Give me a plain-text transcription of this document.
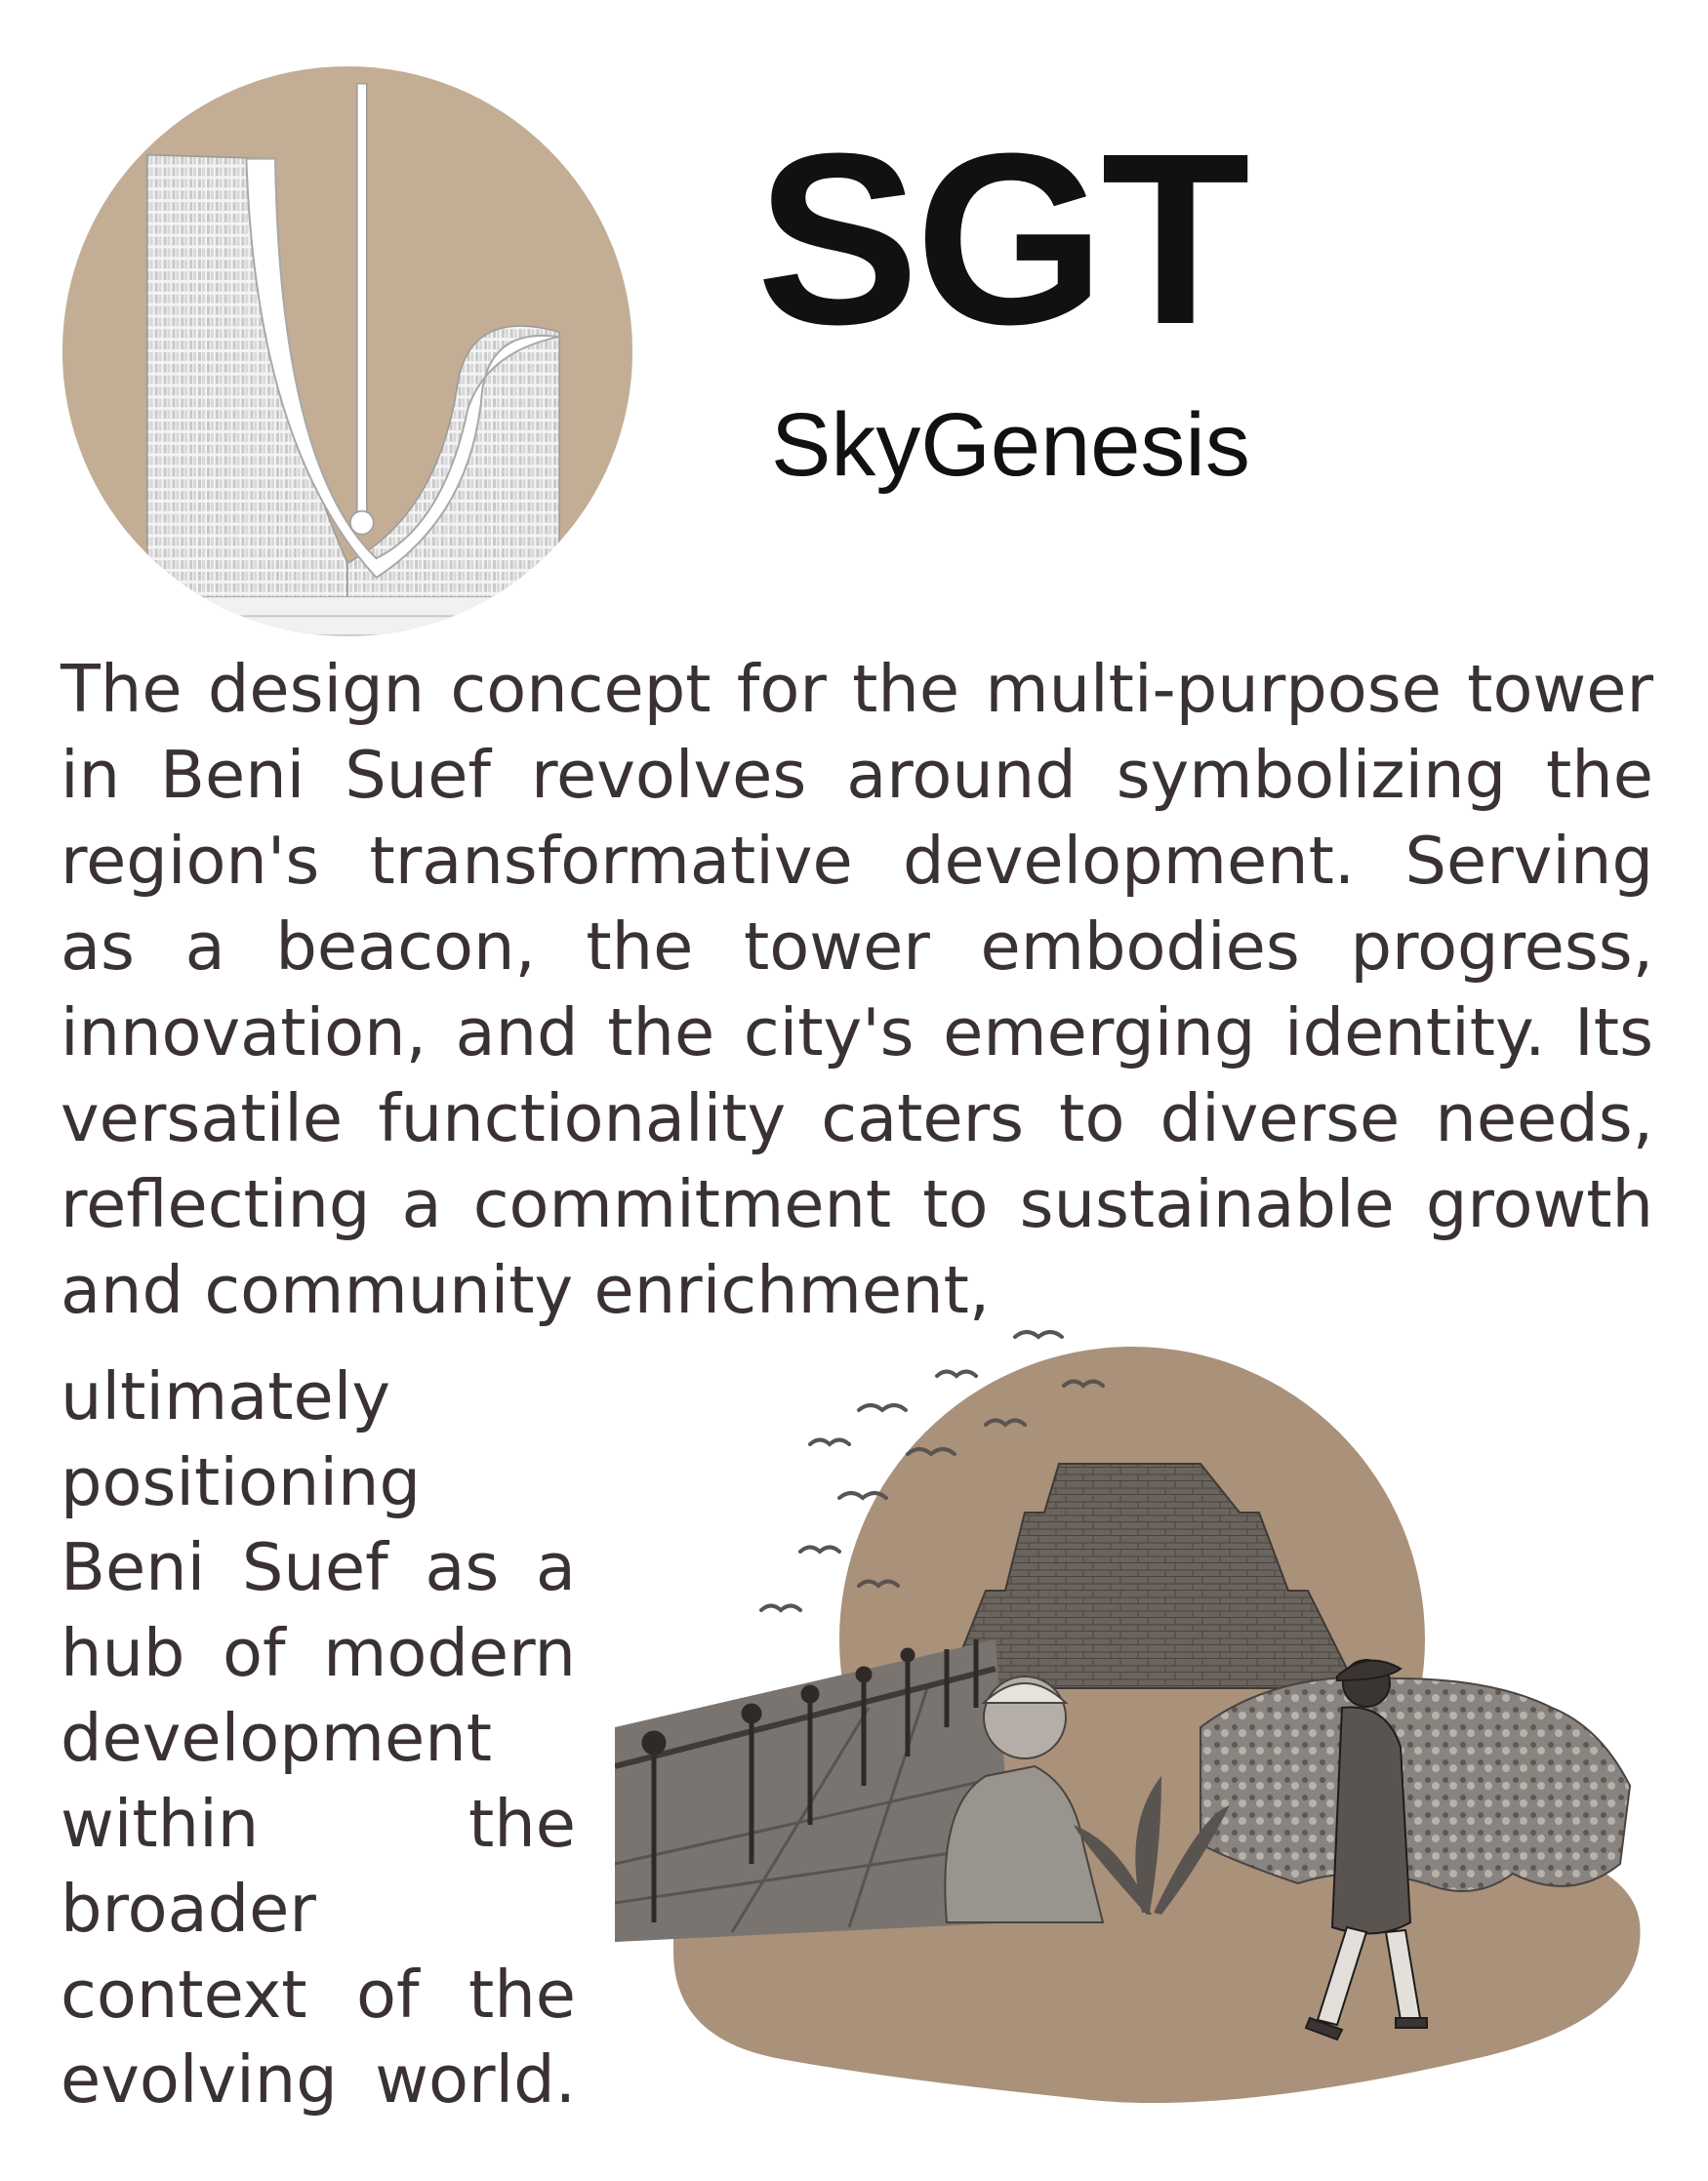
SGT
SkyGenesis

The design concept for the multi-purpose tower in Beni Suef revolves around symbolizing the region's transformative development. Serving as a beacon, the tower embodies progress, innovation, and the city's emerging identity. Its versatile functionality caters to diverse needs, reflecting a commitment to sustainable growth and community enrichment,

ultimately positioning Beni Suef as a hub of modern development within the broader context of the evolving world.
